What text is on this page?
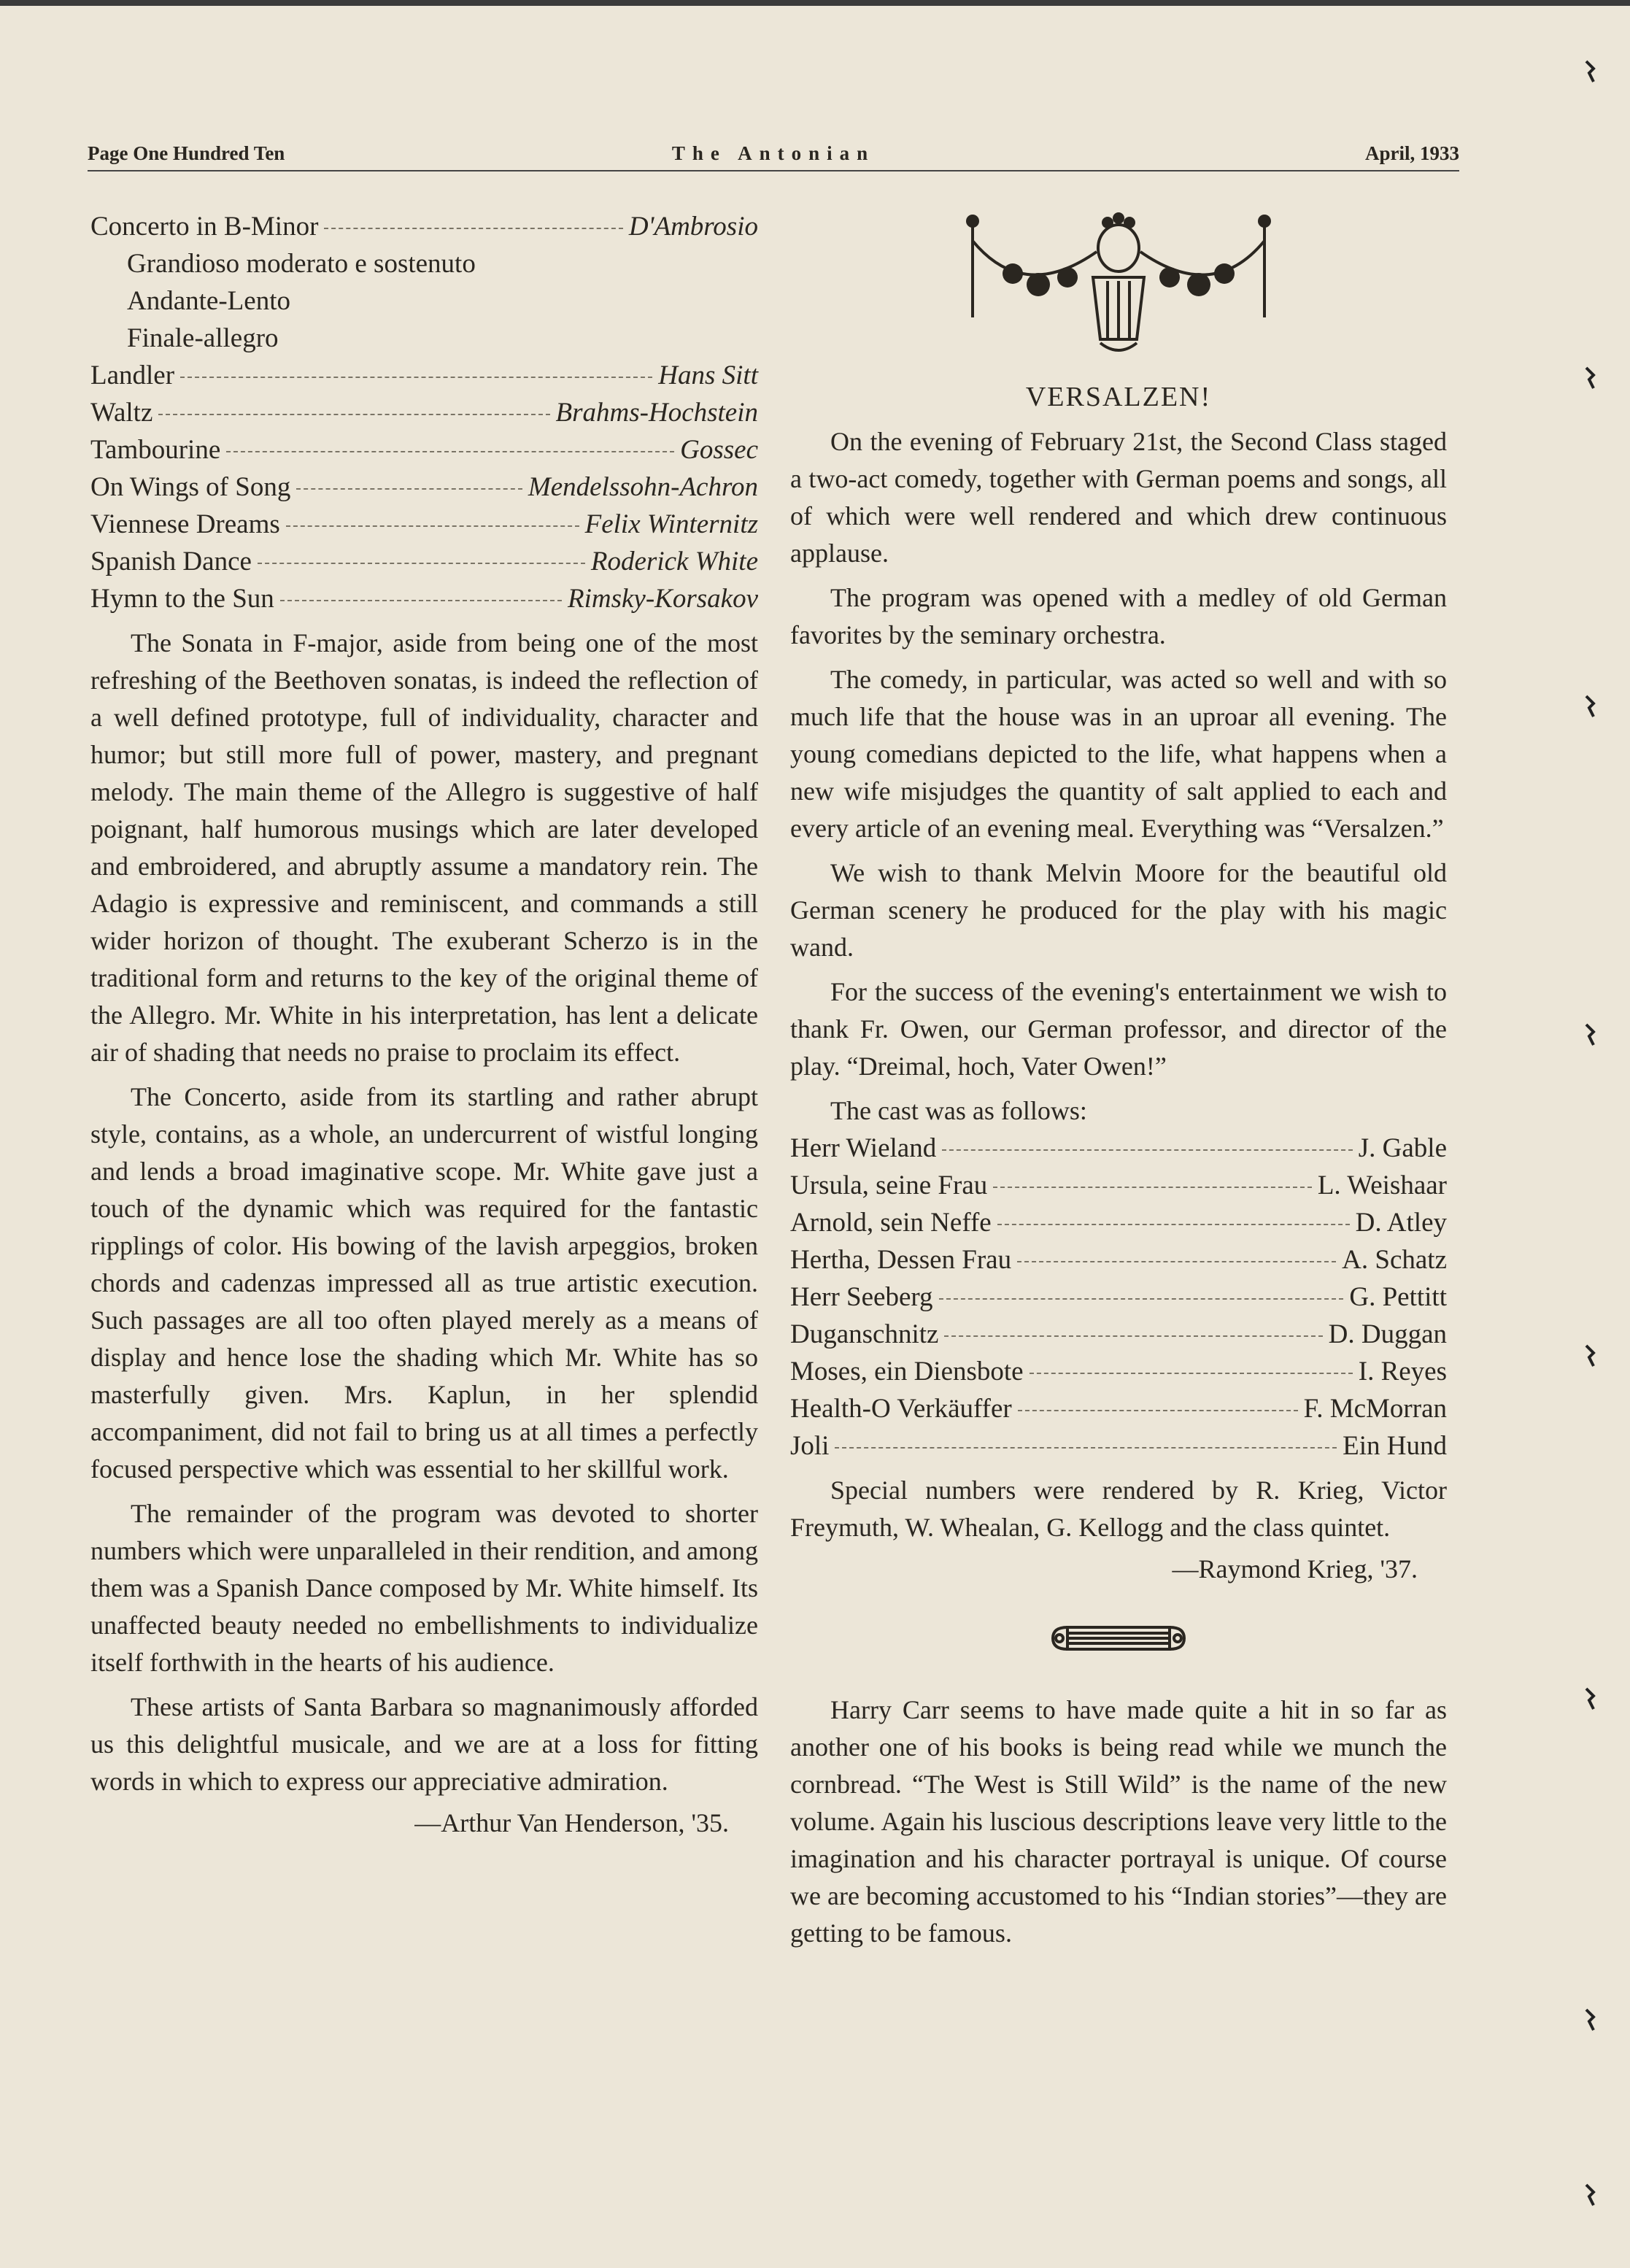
Page One Hundred Ten	The Antonian	April, 1933
Concerto in B-Minor	D'Ambrosio
Grandioso moderato e sostenuto
Andante-Lento
Finale-allegro
Landler	Hans Sitt
Waltz	Brahms-Hochstein
Tambourine	Gossec
On Wings of Song	Mendelssohn-Achron
Viennese Dreams	Felix Winternitz
Spanish Dance	Roderick White
Hymn to the Sun	Rimsky-Korsakov

The Sonata in F-major, aside from being one of the most refreshing of the Beethoven sonatas, is indeed the reflection of a well defined prototype, full of individuality, character and humor; but still more full of power, mastery, and pregnant melody. The main theme of the Allegro is suggestive of half poignant, half humorous musings which are later developed and embroidered, and abruptly assume a mandatory rein. The Adagio is expressive and reminiscent, and commands a still wider horizon of thought. The exuberant Scherzo is in the traditional form and returns to the key of the original theme of the Allegro. Mr. White in his interpretation, has lent a delicate air of shading that needs no praise to proclaim its effect.

The Concerto, aside from its startling and rather abrupt style, contains, as a whole, an undercurrent of wistful longing and lends a broad imaginative scope. Mr. White gave just a touch of the dynamic which was required for the fantastic ripplings of color. His bowing of the lavish arpeggios, broken chords and cadenzas impressed all as true artistic execution. Such passages are all too often played merely as a means of display and hence lose the shading which Mr. White has so masterfully given. Mrs. Kaplun, in her splendid accompaniment, did not fail to bring us at all times a perfectly focused perspective which was essential to her skillful work.

The remainder of the program was devoted to shorter numbers which were unparalleled in their rendition, and among them was a Spanish Dance composed by Mr. White himself. Its unaffected beauty needed no embellishments to individualize itself forthwith in the hearts of his audience.

These artists of Santa Barbara so magnanimously afforded us this delightful musicale, and we are at a loss for fitting words in which to express our appreciative admiration.

—Arthur Van Henderson, '35.
VERSALZEN!

On the evening of February 21st, the Second Class staged a two-act comedy, together with German poems and songs, all of which were well rendered and which drew continuous applause.

The program was opened with a medley of old German favorites by the seminary orchestra.

The comedy, in particular, was acted so well and with so much life that the house was in an uproar all evening. The young comedians depicted to the life, what happens when a new wife misjudges the quantity of salt applied to each and every article of an evening meal. Everything was “Versalzen.”

We wish to thank Melvin Moore for the beautiful old German scenery he produced for the play with his magic wand.

For the success of the evening's entertainment we wish to thank Fr. Owen, our German professor, and director of the play. “Dreimal, hoch, Vater Owen!”

The cast was as follows:
Herr Wieland	J. Gable
Ursula, seine Frau	L. Weishaar
Arnold, sein Neffe	D. Atley
Hertha, Dessen Frau	A. Schatz
Herr Seeberg	G. Pettitt
Duganschnitz	D. Duggan
Moses, ein Diensbote	I. Reyes
Health-O Verkäuffer	F. McMorran
Joli	Ein Hund

Special numbers were rendered by R. Krieg, Victor Freymuth, W. Whealan, G. Kellogg and the class quintet.

—Raymond Krieg, '37.

Harry Carr seems to have made quite a hit in so far as another one of his books is being read while we munch the cornbread. “The West is Still Wild” is the name of the new volume. Again his luscious descriptions leave very little to the imagination and his character portrayal is unique. Of course we are becoming accustomed to his “Indian stories”—they are getting to be famous.
